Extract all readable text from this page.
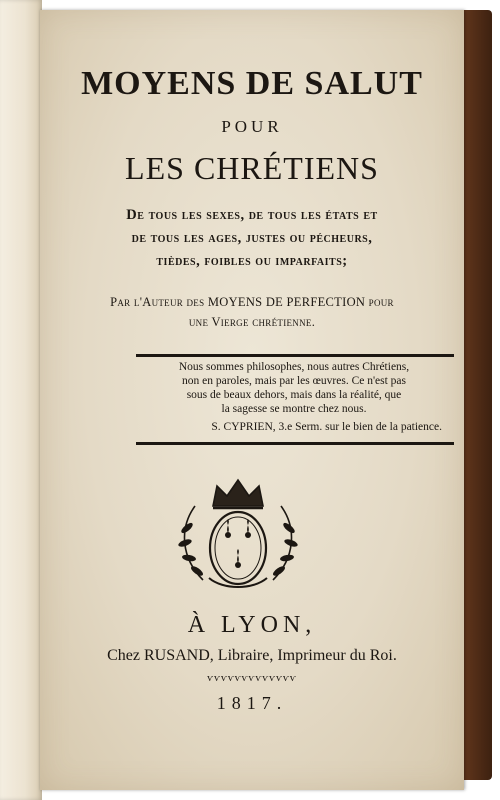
MOYENS DE SALUT
POUR
LES CHRÉTIENS
De tous les sexes, de tous les états et
de tous les ages, justes ou pécheurs,
tièdes, foibles ou imparfaits;
Par l'Auteur des MOYENS DE PERFECTION pour
une Vierge chrétienne.

Nous sommes philosophes, nous autres Chrétiens,

non en paroles, mais par les œuvres. Ce n'est pas

sous de beaux dehors, mais dans la réalité, que

la sagesse se montre chez nous.

S. CYPRIEN, 3.e Serm. sur le bien de la patience.

À LYON,
Chez RUSAND, Libraire, Imprimeur du Roi.
ѵѵѵѵѵѵѵѵѵѵѵѵѵ
1817.
